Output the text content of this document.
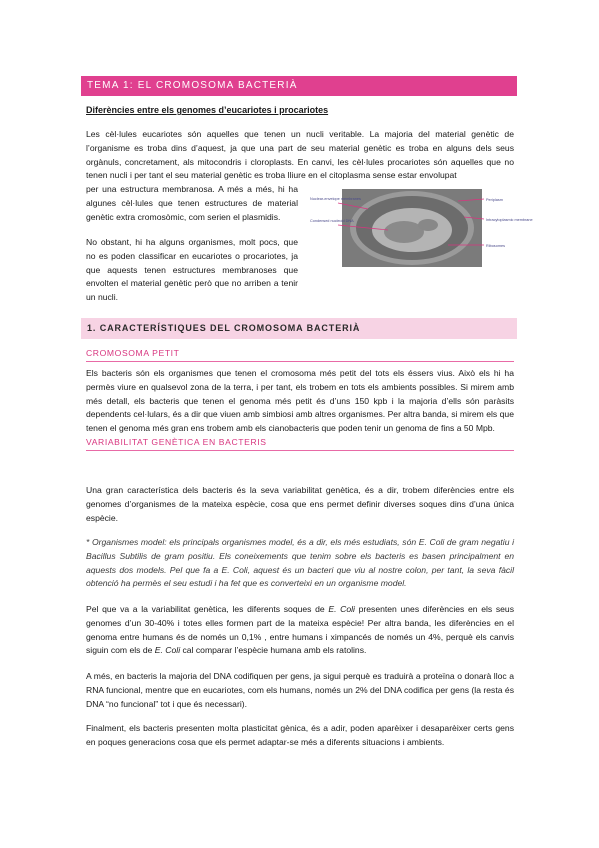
TEMA 1: EL CROMOSOMA BACTERIÀ
Diferències entre els genomes d’eucariotes i procariotes
Les cèl·lules eucariotes són aquelles que tenen un nucli veritable. La majoria del material genètic de l’organisme es troba dins d’aquest, ja que una part de seu material genètic es troba en alguns dels seus orgànuls, concretament, als mitocondris i cloroplasts. En canvi, les cèl·lules procariotes són aquelles que no tenen nucli i per tant el seu material genètic es troba lliure en el citoplasma sense estar envolupat
per una estructura membranosa. A més a més, hi ha algunes cèl·lules que tenen estructures de material genètic extra cromosòmic, com serien el plasmidis.
Nuclear-envelope membranes
Condensed nucleoid DNA
Periplasm
Intracytoplasmic membrane
Ribosomes
No obstant, hi ha alguns organismes, molt pocs, que no es poden classificar en eucariotes o procariotes, ja que aquests tenen estructures membranoses que envolten el material genètic però que no arriben a tenir un nucli.
1. CARACTERÍSTIQUES DEL CROMOSOMA BACTERIÀ
CROMOSOMA PETIT
Els bacteris són els organismes que tenen el cromosoma més petit del tots els éssers vius. Això els hi ha permès viure en qualsevol zona de la terra, i per tant, els trobem en tots els ambients possibles. Si mirem amb més detall, els bacteris que tenen el genoma més petit és d’uns 150 kpb i la majoria d’ells són paràsits dependents cel·lulars, és a dir que viuen amb simbiosi amb altres organismes. Per altra banda, si mirem els que tenen el genoma més gran ens trobem amb els cianobacteris que poden tenir un genoma de fins a 50 Mpb.
VARIABILITAT GENÈTICA EN BACTERIS
Una gran característica dels bacteris és la seva variabilitat genètica, és a dir, trobem diferències entre els genomes d’organismes de la mateixa espècie, cosa que ens permet definir diverses soques dins d’una única espècie.
* Organismes model: els principals organismes model, és a dir, els més estudiats, són E. Coli de gram negatiu i Bacillus Subtilis de gram positiu. Els coneixements que tenim sobre els bacteris es basen principalment en aquests dos models. Pel que fa a E. Coli, aquest és un bacteri que viu al nostre colon, per tant, la seva fàcil obtenció ha permès el seu estudi i ha fet que es converteixi en un organisme model.
Pel que va a la variabilitat genètica, les diferents soques de E. Coli presenten unes diferències en els seus genomes d’un 30-40% i totes elles formen part de la mateixa espècie! Per altra banda, les diferències en el genoma entre humans és de només un 0,1% , entre humans i ximpancés de només un 4%, perquè els canvis siguin com els de E. Coli cal comparar l’espècie humana amb els ratolins.
A més, en bacteris la majoria del DNA codifiquen per gens, ja sigui perquè es traduirà a proteïna o donarà lloc a RNA funcional, mentre que en eucariotes, com els humans, només un 2% del DNA codifica per gens (la resta és DNA “no funcional” tot i que és necessari).
Finalment, els bacteris presenten molta plasticitat gènica, és a adir, poden aparèixer i desaparèixer certs gens en poques generacions cosa que els permet adaptar-se més a diferents situacions i ambients.
